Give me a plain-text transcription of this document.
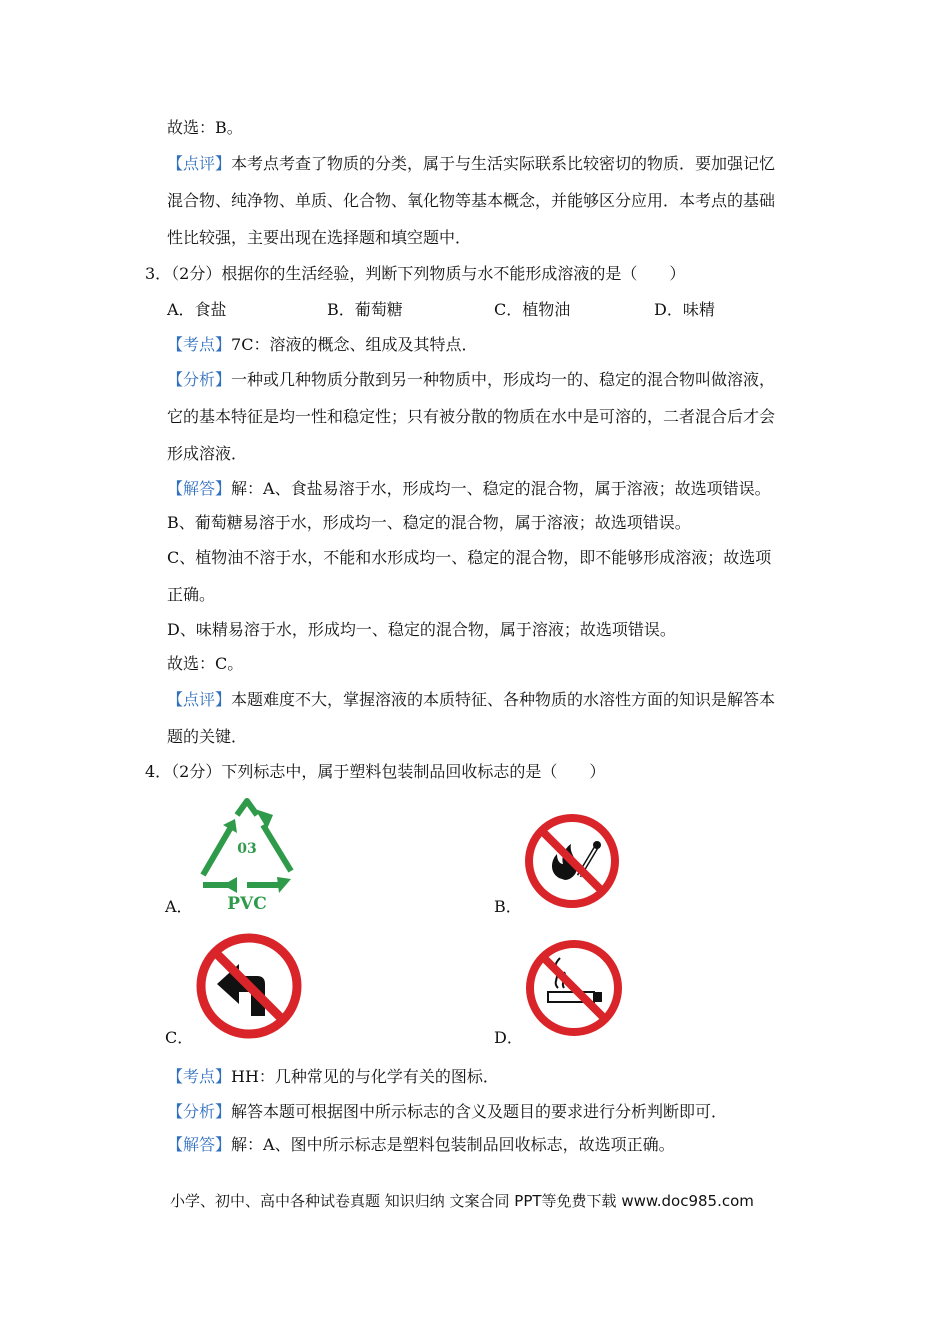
故选：B。
【点评】本考点考查了物质的分类，属于与生活实际联系比较密切的物质．要加强记忆
混合物、纯净物、单质、化合物、氧化物等基本概念，并能够区分应用．本考点的基础
性比较强，主要出现在选择题和填空题中．
3．（2分）根据你的生活经验，判断下列物质与水不能形成溶液的是（　　）
A．食盐	B．葡萄糖	C．植物油	D．味精
【考点】7C：溶液的概念、组成及其特点．
【分析】一种或几种物质分散到另一种物质中，形成均一的、稳定的混合物叫做溶液，
它的基本特征是均一性和稳定性；只有被分散的物质在水中是可溶的，二者混合后才会
形成溶液．
【解答】解：A、食盐易溶于水，形成均一、稳定的混合物，属于溶液；故选项错误。
B、葡萄糖易溶于水，形成均一、稳定的混合物，属于溶液；故选项错误。
C、植物油不溶于水，不能和水形成均一、稳定的混合物，即不能够形成溶液；故选项
正确。
D、味精易溶于水，形成均一、稳定的混合物，属于溶液；故选项错误。
故选：C。
【点评】本题难度不大，掌握溶液的本质特征、各种物质的水溶性方面的知识是解答本
题的关键．
4．（2分）下列标志中，属于塑料包装制品回收标志的是（　　）
A．
03
PVC	B．
C．	D．
【考点】HH：几种常见的与化学有关的图标．
【分析】解答本题可根据图中所示标志的含义及题目的要求进行分析判断即可．
【解答】解：A、图中所示标志是塑料包装制品回收标志，故选项正确。
小学、初中、高中各种试卷真题 知识归纳 文案合同 PPT等免费下载 www.doc985.com
